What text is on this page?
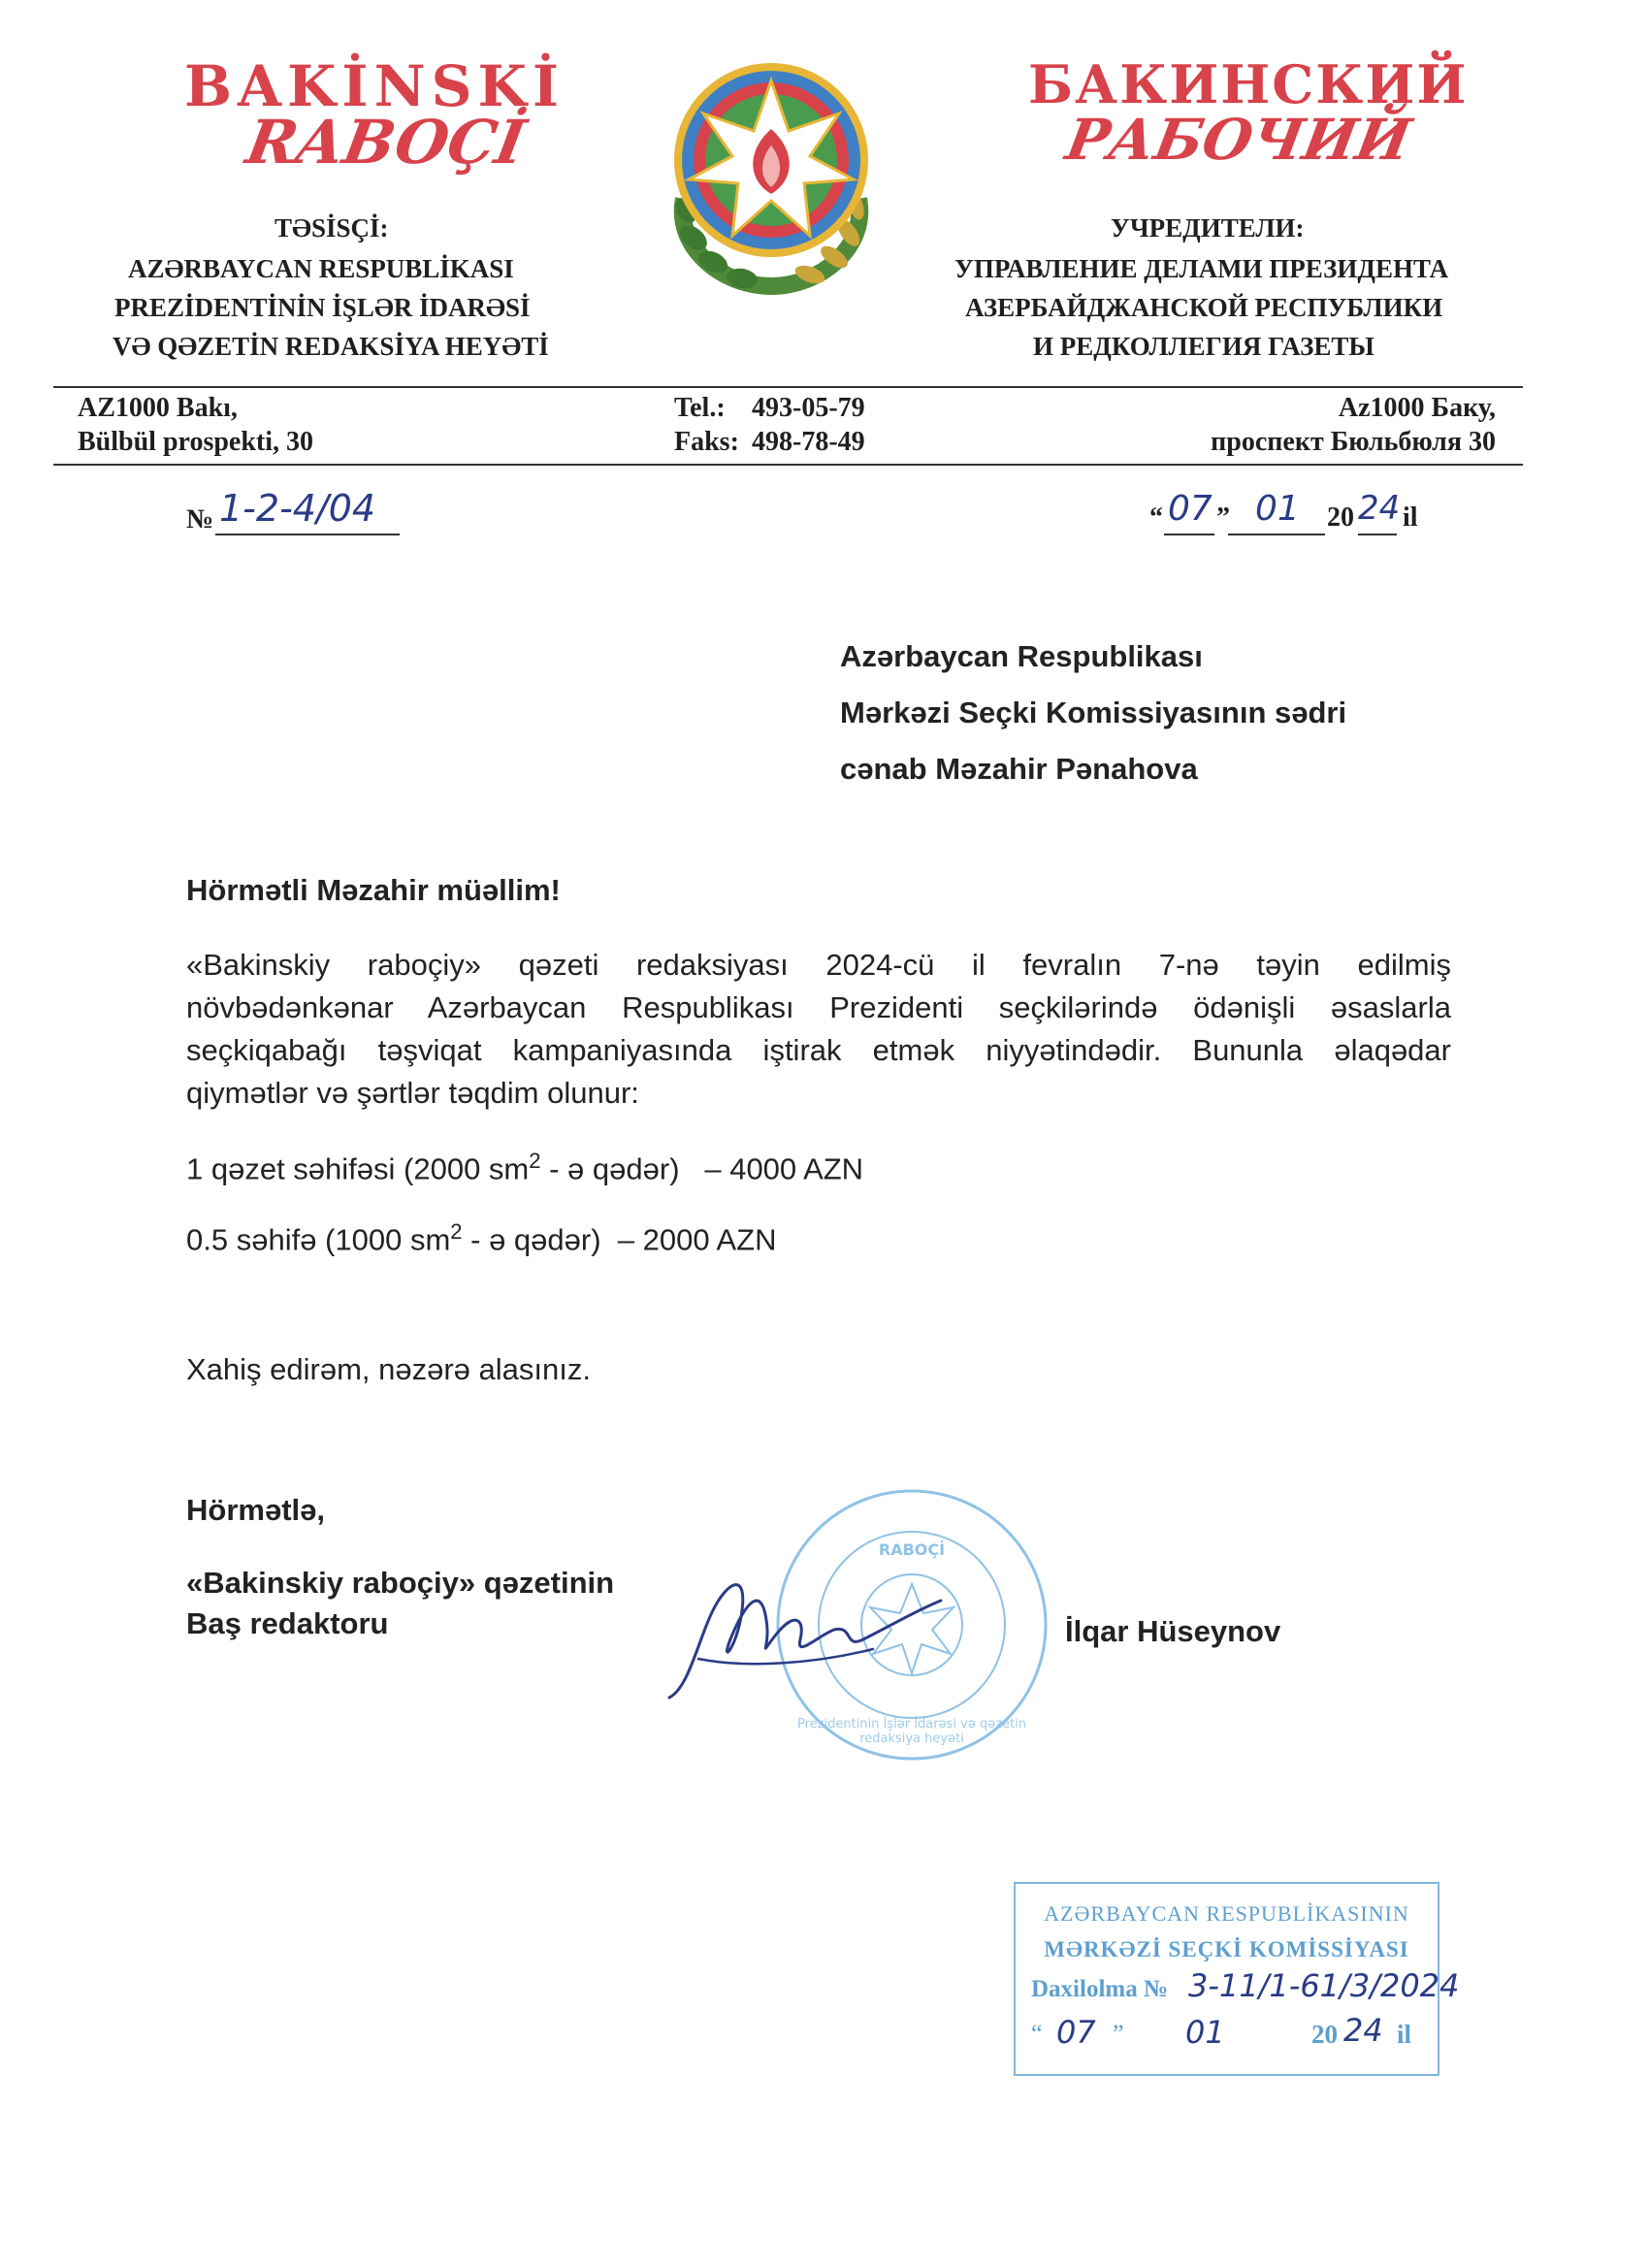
BAKİNSKİ
RABOÇİ
TƏSİSÇİ:
AZƏRBAYCAN RESPUBLİKASI
PREZİDENTİNİN İŞLƏR İDARƏSİ
VƏ QƏZETİN REDAKSİYA HEYƏTİ
БАКИНСКИЙ
РАБОЧИЙ
УЧРЕДИТЕЛИ:
УПРАВЛЕНИЕ ДЕЛАМИ ПРЕЗИДЕНТА
АЗЕРБАЙДЖАНСКОЙ РЕСПУБЛИКИ
И РЕДКОЛЛЕГИЯ ГАЗЕТЫ
AZ1000 Bakı,
Bülbül prospekti, 30
Tel.: 493-05-79
Faks: 498-78-49
Az1000 Баку,
проспект Бюльбюля 30
№ 1-2-4/04	“ 07 ” 01 20 24 il
Azərbaycan Respublikası
Mərkəzi Seçki Komissiyasının sədri
cənab Məzahir Pənahova
Hörmətli Məzahir müəllim!
«Bakinskiy raboçiy» qəzeti redaksiyası 2024-cü il fevralın 7-nə təyin edilmiş
növbədənkənar Azərbaycan Respublikası Prezidenti seçkilərində ödənişli əsaslarla
seçkiqabağı təşviqat kampaniyasında iştirak etmək niyyətindədir. Bununla əlaqədar
qiymətlər və şərtlər təqdim olunur:
1 qəzet səhifəsi (2000 $sm^2$ - ə qədər)   – 4000 AZN
0.5 səhifə (1000 $sm^2$ - ə qədər)  – 2000 AZN
Xahiş edirəm, nəzərə alasınız.
Hörmətlə,
«Bakinskiy raboçiy» qəzetinin
Baş redaktoru	İlqar Hüseynov
Prezidentinin İşlər İdarəsi və qəzetin redaksiya heyəti
RABOÇİ
AZƏRBAYCAN RESPUBLİKASININ
MƏRKƏZİ SEÇKİ KOMİSSİYASI
Daxilolma № 3-11/1-61/3/2024
“ 07 ” 01	20 24 il
